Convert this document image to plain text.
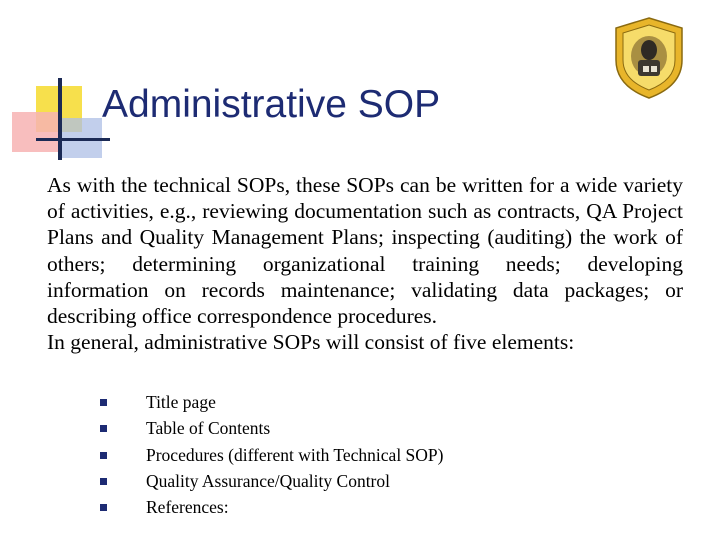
Administrative SOP

As with the technical SOPs, these SOPs can be written for a wide variety of activities, e.g., reviewing documentation such as contracts, QA Project Plans and Quality Management Plans; inspecting (auditing) the work of others; determining organizational training needs; developing information on records maintenance; validating data packages; or describing office correspondence procedures.

In general, administrative SOPs will consist of five elements:

Title page
Table of Contents
Procedures (different with Technical SOP)
Quality Assurance/Quality Control
References:
